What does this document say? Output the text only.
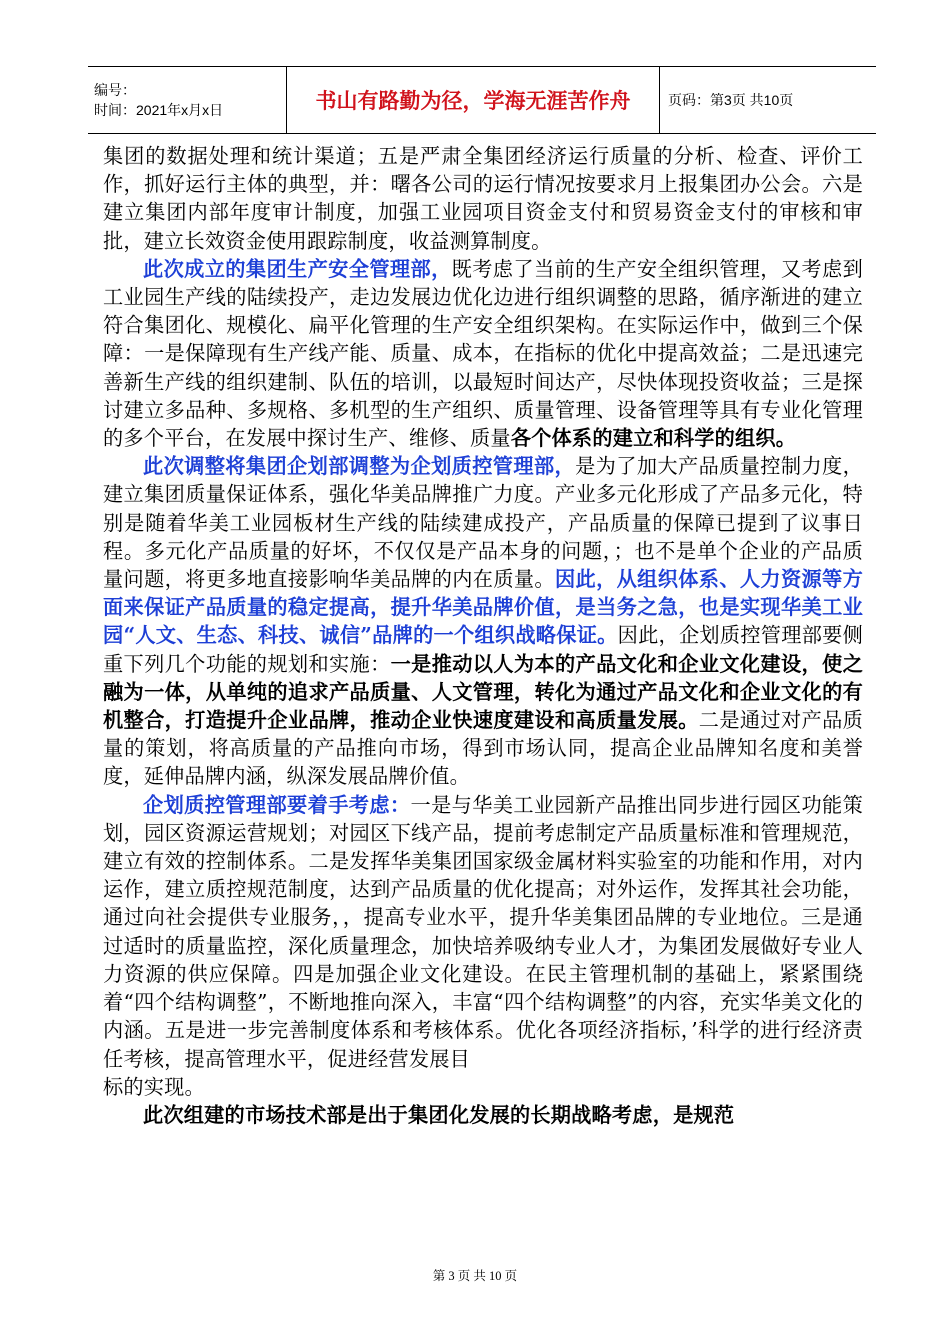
编号：
时间：2021年x月x日	书山有路勤为径，学海无涯苦作舟	页码：第3页 共10页

集团的数据处理和统计渠道；五是严肃全集团经济运行质量的分析、检查、评价工作，抓好运行主体的典型，并：曙各公司的运行情况按要求月上报集团办公会。六是建立集团内部年度审计制度，加强工业园项目资金支付和贸易资金支付的审核和审批，建立长效资金使用跟踪制度，收益测算制度。

此次成立的集团生产安全管理部，既考虑了当前的生产安全组织管理，又考虑到工业园生产线的陆续投产，走边发展边优化边进行组织调整的思路，循序渐进的建立符合集团化、规模化、扁平化管理的生产安全组织架构。在实际运作中，做到三个保障：一是保障现有生产线产能、质量、成本，在指标的优化中提高效益；二是迅速完善新生产线的组织建制、队伍的培训，以最短时间达产，尽快体现投资收益；三是探讨建立多品种、多规格、多机型的生产组织、质量管理、设备管理等具有专业化管理的多个平台，在发展中探讨生产、维修、质量各个体系的建立和科学的组织。

此次调整将集团企划部调整为企划质控管理部，是为了加大产品质量控制力度，建立集团质量保证体系，强化华美品牌推广力度。产业多元化形成了产品多元化，特别是随着华美工业园板材生产线的陆续建成投产，产品质量的保障已提到了议事日程。多元化产品质量的好坏，不仅仅是产品本身的问题，；也不是单个企业的产品质量问题，将更多地直接影响华美品牌的内在质量。因此，从组织体系、人力资源等方面来保证产品质量的稳定提高，提升华美品牌价值，是当务之急，也是实现华美工业园“人文、生态、科技、诚信”品牌的一个组织战略保证。因此，企划质控管理部要侧重下列几个功能的规划和实施：一是推动以人为本的产品文化和企业文化建设，使之融为一体，从单纯的追求产品质量、人文管理，转化为通过产品文化和企业文化的有机整合，打造提升企业品牌，推动企业快速度建设和高质量发展。二是通过对产品质量的策划，将高质量的产品推向市场，得到市场认同，提高企业品牌知名度和美誉度，延伸品牌内涵，纵深发展品牌价值。

企划质控管理部要着手考虑：一是与华美工业园新产品推出同步进行园区功能策划，园区资源运营规划；对园区下线产品，提前考虑制定产品质量标准和管理规范，建立有效的控制体系。二是发挥华美集团国家级金属材料实验室的功能和作用，对内运作，建立质控规范制度，达到产品质量的优化提高；对外运作，发挥其社会功能，通过向社会提供专业服务，，提高专业水平，提升华美集团品牌的专业地位。三是通过适时的质量监控，深化质量理念，加快培养吸纳专业人才，为集团发展做好专业人力资源的供应保障。四是加强企业文化建设。在民主管理机制的基础上，紧紧围绕着“四个结构调整”，不断地推向深入，丰富“四个结构调整”的内容，充实华美文化的内涵。五是进一步完善制度体系和考核体系。优化各项经济指标，’科学的进行经济责任考核，提高管理水平，促进经营发展目

标的实现。

此次组建的市场技术部是出于集团化发展的长期战略考虑，是规范

第 3 页 共 10 页
